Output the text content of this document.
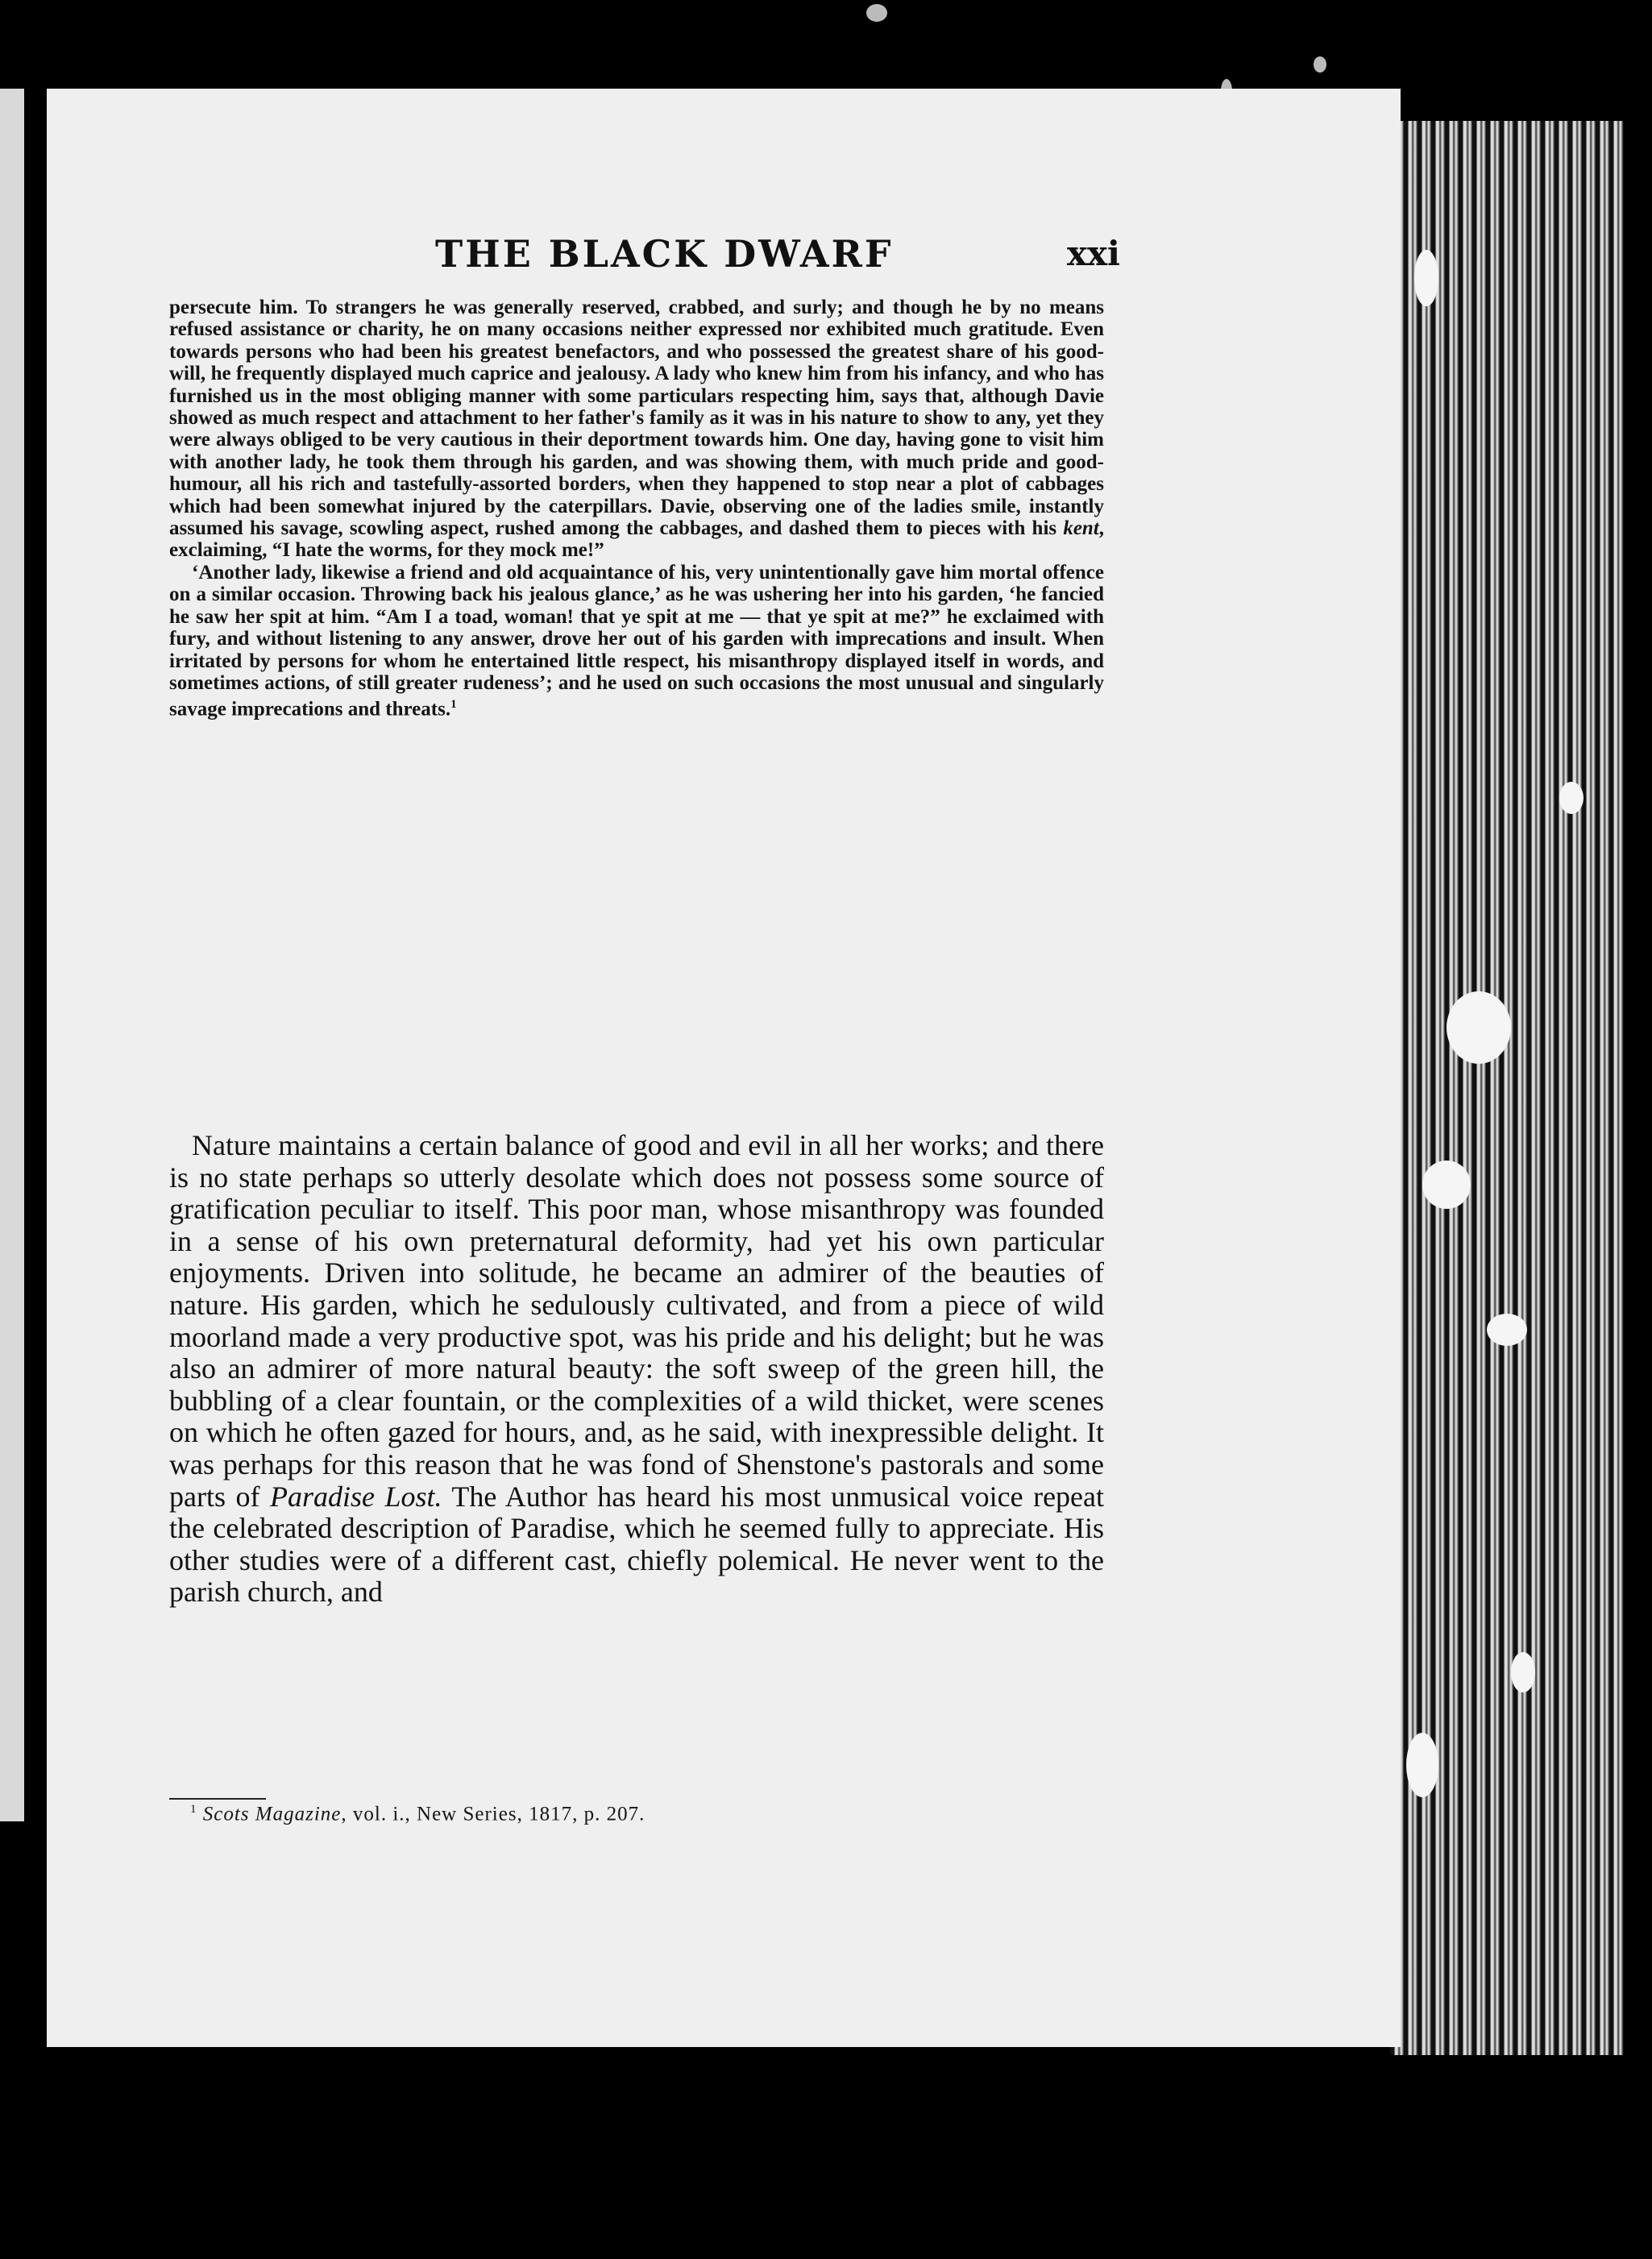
THE BLACK DWARF	xxi

persecute him. To strangers he was generally reserved, crabbed, and surly; and though he by no means refused assistance or charity, he on many occasions neither expressed nor exhibited much gratitude. Even towards persons who had been his greatest benefactors, and who possessed the greatest share of his good-will, he frequently displayed much caprice and jealousy. A lady who knew him from his infancy, and who has furnished us in the most obliging manner with some particulars respecting him, says that, although Davie showed as much respect and attachment to her father's family as it was in his nature to show to any, yet they were always obliged to be very cautious in their deportment towards him. One day, having gone to visit him with another lady, he took them through his garden, and was showing them, with much pride and good-humour, all his rich and tastefully-assorted borders, when they happened to stop near a plot of cabbages which had been somewhat injured by the caterpillars. Davie, observing one of the ladies smile, instantly assumed his savage, scowling aspect, rushed among the cabbages, and dashed them to pieces with his kent, exclaiming, “I hate the worms, for they mock me!”

‘Another lady, likewise a friend and old acquaintance of his, very unintentionally gave him mortal offence on a similar occasion. Throwing back his jealous glance,’ as he was ushering her into his garden, ‘he fancied he saw her spit at him. “Am I a toad, woman! that ye spit at me — that ye spit at me?” he exclaimed with fury, and without listening to any answer, drove her out of his garden with imprecations and insult. When irritated by persons for whom he entertained little respect, his misanthropy displayed itself in words, and sometimes actions, of still greater rudeness’; and he used on such occasions the most unusual and singularly savage imprecations and threats.$^1$

Nature maintains a certain balance of good and evil in all her works; and there is no state perhaps so utterly desolate which does not possess some source of gratification peculiar to itself. This poor man, whose misanthropy was founded in a sense of his own preternatural deformity, had yet his own particular enjoyments. Driven into solitude, he became an admirer of the beauties of nature. His garden, which he sedulously cultivated, and from a piece of wild moorland made a very productive spot, was his pride and his delight; but he was also an admirer of more natural beauty: the soft sweep of the green hill, the bubbling of a clear fountain, or the complexities of a wild thicket, were scenes on which he often gazed for hours, and, as he said, with inexpressible delight. It was perhaps for this reason that he was fond of Shenstone's pastorals and some parts of Paradise Lost. The Author has heard his most unmusical voice repeat the celebrated description of Paradise, which he seemed fully to appreciate. His other studies were of a different cast, chiefly polemical. He never went to the parish church, and

$^1$ Scots Magazine, vol. i., New Series, 1817, p. 207.
